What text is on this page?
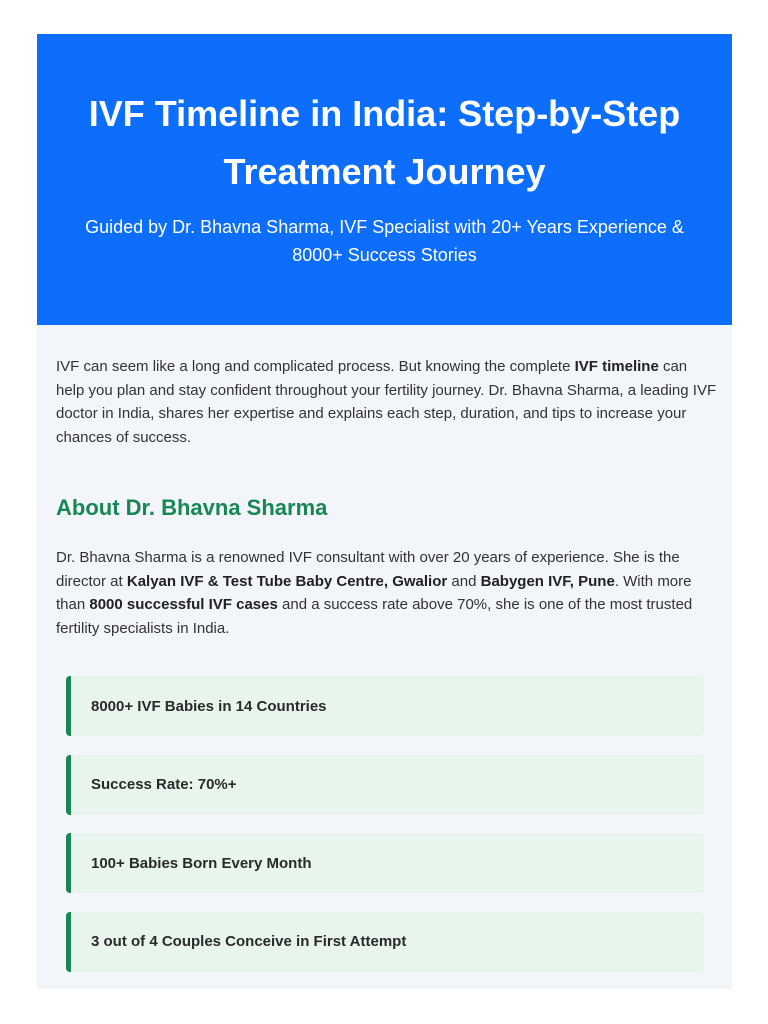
IVF Timeline in India: Step-by-Step Treatment Journey
Guided by Dr. Bhavna Sharma, IVF Specialist with 20+ Years Experience & 8000+ Success Stories

IVF can seem like a long and complicated process. But knowing the complete IVF timeline can help you plan and stay confident throughout your fertility journey. Dr. Bhavna Sharma, a leading IVF doctor in India, shares her expertise and explains each step, duration, and tips to increase your chances of success.

About Dr. Bhavna Sharma

Dr. Bhavna Sharma is a renowned IVF consultant with over 20 years of experience. She is the director at Kalyan IVF & Test Tube Baby Centre, Gwalior and Babygen IVF, Pune. With more than 8000 successful IVF cases and a success rate above 70%, she is one of the most trusted fertility specialists in India.

8000+ IVF Babies in 14 Countries
Success Rate: 70%+
100+ Babies Born Every Month
3 out of 4 Couples Conceive in First Attempt
